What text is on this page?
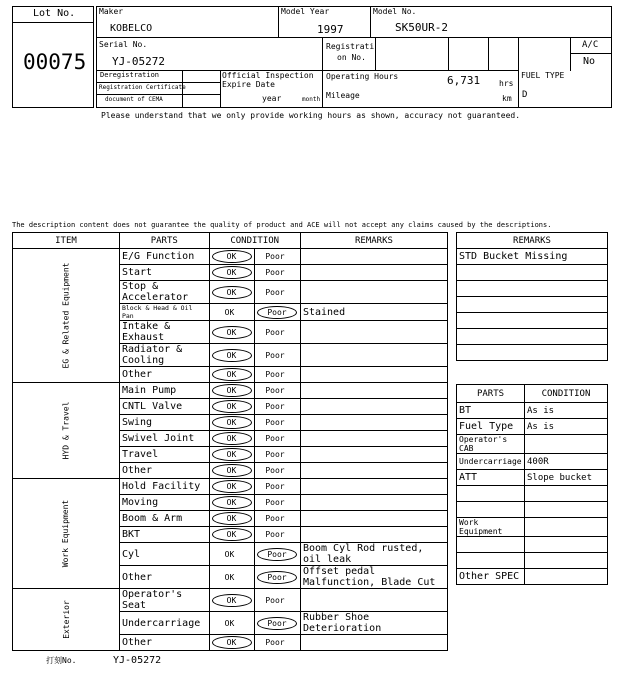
Lot No.
00075
Maker
KOBELCO
Model Year
1997
Model No.
SK50UR-2
Serial No.
YJ-05272
Registrati
on No.
A/C
No
Deregistration
Registration Certificate
document of CEMA
Official Inspection
Expire Date
year	month
Operating Hours	6,731 hrs
Mileage	km
FUEL TYPE
D
Please understand that we only provide working hours as shown, accuracy not guaranteed.
The description content does not guarantee the quality of product and ACE will not accept any claims caused by the descriptions.
ITEM	PARTS	CONDITION		REMARKS
EG & Related Equipment	E/G Function	OK	Poor	
	Start	OK	Poor	
	Stop & Accelerator	OK	Poor	
	Block & Head & Oil Pan	OK	Poor	Stained
	Intake & Exhaust	OK	Poor	
	Radiator & Cooling	OK	Poor	
	Other	OK	Poor	
HYD & Travel	Main Pump	OK	Poor	
	CNTL Valve	OK	Poor	
	Swing	OK	Poor	
	Swivel Joint	OK	Poor	
	Travel	OK	Poor	
	Other	OK	Poor	
Work Equipment	Hold Facility	OK	Poor	
	Moving	OK	Poor	
	Boom & Arm	OK	Poor	
	BKT	OK	Poor	
	Cyl	OK	Poor	Boom Cyl Rod rusted, oil leak
	Other	OK	Poor	Offset pedal Malfunction, Blade Cut
Exterior	Operator's Seat	OK	Poor	
	Undercarriage	OK	Poor	Rubber Shoe Deterioration
	Other	OK	Poor	
REMARKS
STD Bucket Missing

PARTS	CONDITION
BT	As is
Fuel Type	As is
Operator's CAB	
Undercarriage	400R
ATT	Slope bucket

Work Equipment	

Other SPEC	
打刻No.	YJ-05272
